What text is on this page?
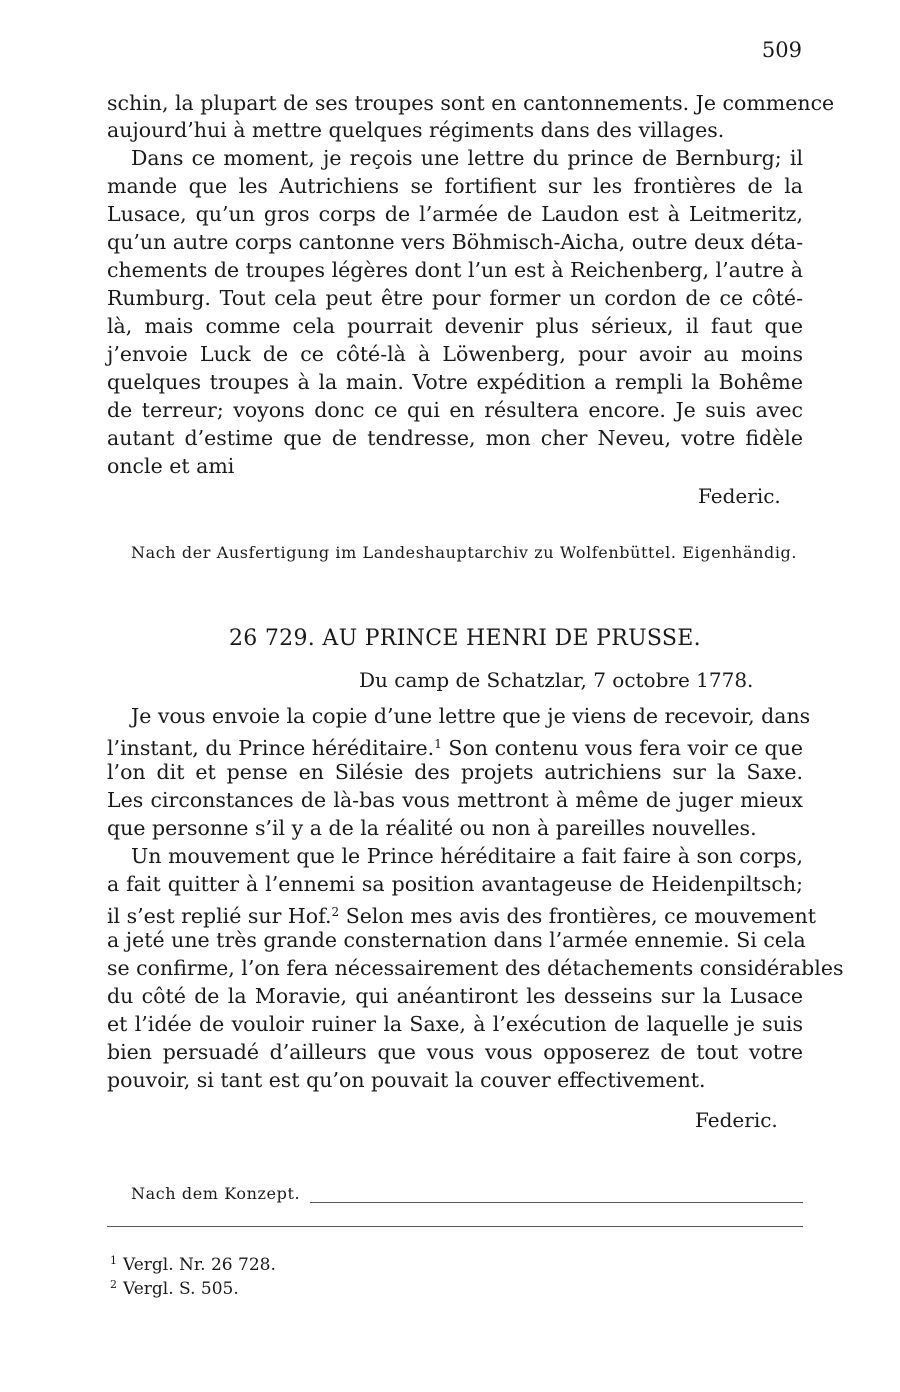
509
schin, la plupart de ses troupes sont en cantonnements. Je commence
aujourd’hui à mettre quelques régiments dans des villages.
Dans ce moment, je reçois une lettre du prince de Bernburg; il
mande que les Autrichiens se fortifient sur les frontières de la
Lusace, qu’un gros corps de l’armée de Laudon est à Leitmeritz,
qu’un autre corps cantonne vers Böhmisch-Aicha, outre deux déta-
chements de troupes légères dont l’un est à Reichenberg, l’autre à
Rumburg. Tout cela peut être pour former un cordon de ce côté-
là, mais comme cela pourrait devenir plus sérieux, il faut que
j’envoie Luck de ce côté-là à Löwenberg, pour avoir au moins
quelques troupes à la main. Votre expédition a rempli la Bohême
de terreur; voyons donc ce qui en résultera encore. Je suis avec
autant d’estime que de tendresse, mon cher Neveu, votre fidèle
oncle et ami
Federic.
Nach der Ausfertigung im Landeshauptarchiv zu Wolfenbüttel. Eigenhändig.
26 729. AU PRINCE HENRI DE PRUSSE.
Du camp de Schatzlar, 7 octobre 1778.
Je vous envoie la copie d’une lettre que je viens de recevoir, dans
l’instant, du Prince héréditaire.$^1$ Son contenu vous fera voir ce que
l’on dit et pense en Silésie des projets autrichiens sur la Saxe.
Les circonstances de là-bas vous mettront à même de juger mieux
que personne s’il y a de la réalité ou non à pareilles nouvelles.
Un mouvement que le Prince héréditaire a fait faire à son corps,
a fait quitter à l’ennemi sa position avantageuse de Heidenpiltsch;
il s’est replié sur Hof.$^2$ Selon mes avis des frontières, ce mouvement
a jeté une très grande consternation dans l’armée ennemie. Si cela
se confirme, l’on fera nécessairement des détachements considérables
du côté de la Moravie, qui anéantiront les desseins sur la Lusace
et l’idée de vouloir ruiner la Saxe, à l’exécution de laquelle je suis
bien persuadé d’ailleurs que vous vous opposerez de tout votre
pouvoir, si tant est qu’on pouvait la couver effectivement.
Federic.
Nach dem Konzept.
$^1$ Vergl. Nr. 26 728.
$^2$ Vergl. S. 505.
